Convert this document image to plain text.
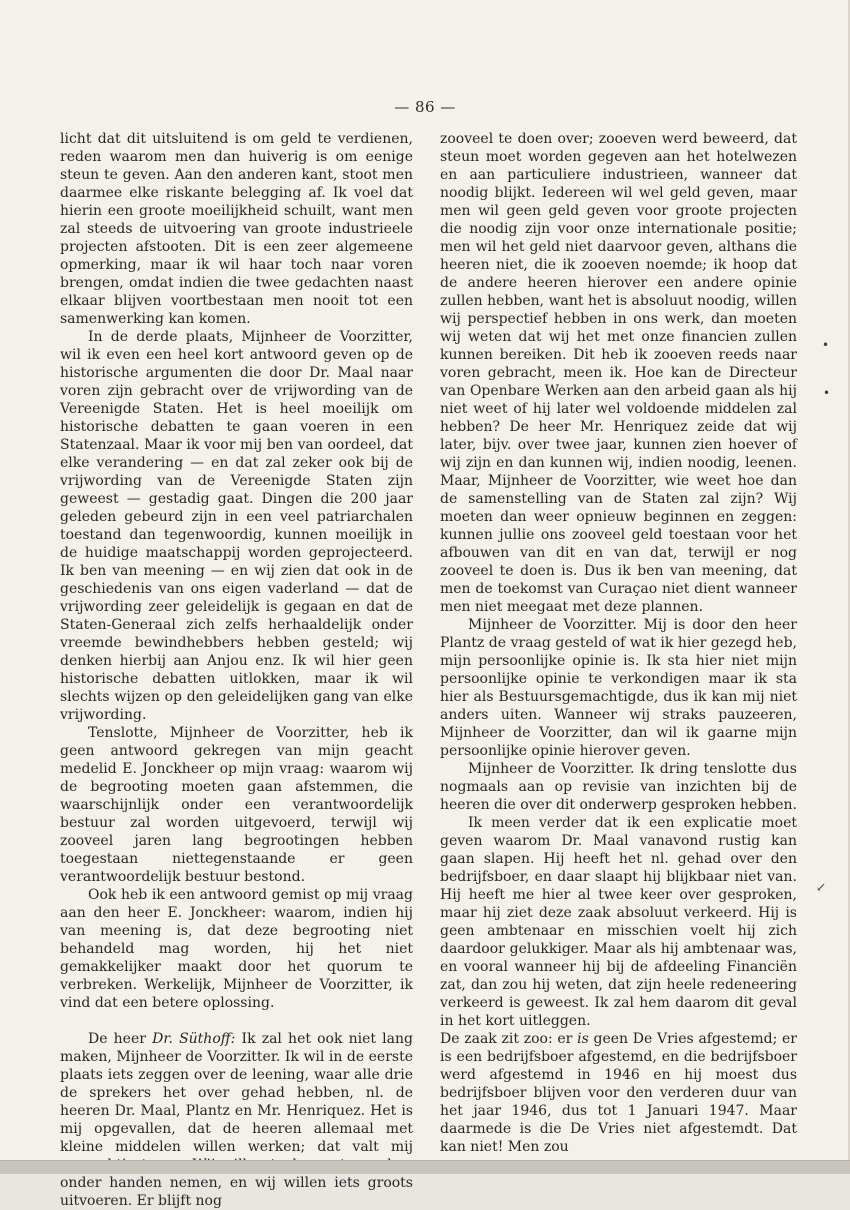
— 86 —

licht dat dit uitsluitend is om geld te verdienen, reden waarom men dan huiverig is om eenige steun te geven. Aan den anderen kant, stoot men daarmee elke riskante belegging af. Ik voel dat hierin een groote moeilijkheid schuilt, want men zal steeds de uitvoering van groote industrieele projecten afstooten. Dit is een zeer algemeene opmerking, maar ik wil haar toch naar voren brengen, omdat indien die twee gedachten naast elkaar blijven voortbestaan men nooit tot een samenwerking kan komen.

In de derde plaats, Mijnheer de Voorzitter, wil ik even een heel kort antwoord geven op de historische argumenten die door Dr. Maal naar voren zijn gebracht over de vrijwording van de Vereenigde Staten. Het is heel moeilijk om historische debatten te gaan voeren in een Statenzaal. Maar ik voor mij ben van oordeel, dat elke verandering — en dat zal zeker ook bij de vrijwording van de Vereenigde Staten zijn geweest — gestadig gaat. Dingen die 200 jaar geleden gebeurd zijn in een veel patriarchalen toestand dan tegenwoordig, kunnen moeilijk in de huidige maatschappij worden geprojecteerd. Ik ben van meening — en wij zien dat ook in de geschiedenis van ons eigen vaderland — dat de vrijwording zeer geleidelijk is gegaan en dat de Staten-Generaal zich zelfs herhaaldelijk onder vreemde bewindhebbers hebben gesteld; wij denken hierbij aan Anjou enz. Ik wil hier geen historische debatten uitlokken, maar ik wil slechts wijzen op den geleidelijken gang van elke vrijwording.

Tenslotte, Mijnheer de Voorzitter, heb ik geen antwoord gekregen van mijn geacht medelid E. Jonckheer op mijn vraag: waarom wij de begrooting moeten gaan afstemmen, die waarschijnlijk onder een verantwoordelijk bestuur zal worden uitgevoerd, terwijl wij zooveel jaren lang begrootingen hebben toegestaan niettegenstaande er geen verantwoordelijk bestuur bestond.

Ook heb ik een antwoord gemist op mij vraag aan den heer E. Jonckheer: waarom, indien hij van meening is, dat deze begrooting niet behandeld mag worden, hij het niet gemakkelijker maakt door het quorum te verbreken. Werkelijk, Mijnheer de Voorzitter, ik vind dat een betere oplossing.

De heer Dr. Süthoff: Ik zal het ook niet lang maken, Mijnheer de Voorzitter. Ik wil in de eerste plaats iets zeggen over de leening, waar alle drie de sprekers het over gehad hebben, nl. de heeren Dr. Maal, Plantz en Mr. Henriquez. Het is mij opgevallen, dat de heeren allemaal met kleine middelen willen werken; dat valt mij onder handen nemen, en wij willen iets groots uitvoeren. Er blijft nog

zooveel te doen over; zooeven werd beweerd, dat steun moet worden gegeven aan het hotelwezen en aan particuliere industrieen, wanneer dat noodig blijkt. Iedereen wil wel geld geven, maar men wil geen geld geven voor groote projecten die noodig zijn voor onze internationale positie; men wil het geld niet daarvoor geven, althans die heeren niet, die ik zooeven noemde; ik hoop dat de andere heeren hierover een andere opinie zullen hebben, want het is absoluut noodig, willen wij perspectief hebben in ons werk, dan moeten wij weten dat wij het met onze financien zullen kunnen bereiken. Dit heb ik zooeven reeds naar voren gebracht, meen ik. Hoe kan de Directeur van Openbare Werken aan den arbeid gaan als hij niet weet of hij later wel voldoende middelen zal hebben? De heer Mr. Henriquez zeide dat wij later, bijv. over twee jaar, kunnen zien hoever of wij zijn en dan kunnen wij, indien noodig, leenen. Maar, Mijnheer de Voorzitter, wie weet hoe dan de samenstelling van de Staten zal zijn? Wij moeten dan weer opnieuw beginnen en zeggen: kunnen jullie ons zooveel geld toestaan voor het afbouwen van dit en van dat, terwijl er nog zooveel te doen is. Dus ik ben van meening, dat men de toekomst van Curaçao niet dient wanneer men niet meegaat met deze plannen.

Mijnheer de Voorzitter. Mij is door den heer Plantz de vraag gesteld of wat ik hier gezegd heb, mijn persoonlijke opinie is. Ik sta hier niet mijn persoonlijke opinie te verkondigen maar ik sta hier als Bestuursgemachtigde, dus ik kan mij niet anders uiten. Wanneer wij straks pauzeeren, Mijnheer de Voorzitter, dan wil ik gaarne mijn persoonlijke opinie hierover geven.

Mijnheer de Voorzitter. Ik dring tenslotte dus nogmaals aan op revisie van inzichten bij de heeren die over dit onderwerp gesproken hebben.

Ik meen verder dat ik een explicatie moet geven waarom Dr. Maal vanavond rustig kan gaan slapen. Hij heeft het nl. gehad over den bedrijfsboer, en daar slaapt hij blijkbaar niet van. Hij heeft me hier al twee keer over gesproken, maar hij ziet deze zaak absoluut verkeerd. Hij is geen ambtenaar en misschien voelt hij zich daardoor gelukkiger. Maar als hij ambtenaar was, en vooral wanneer hij bij de afdeeling Financiën zat, dan zou hij weten, dat zijn heele redeneering verkeerd is geweest. Ik zal hem daarom dit geval in het kort uitleggen.

De zaak zit zoo: er is geen De Vries afgestemd; er is een bedrijfsboer afgestemd, en die bedrijfsboer werd afgestemd in 1946 en hij moest dus bedrijfsboer blijven voor den verderen duur van het jaar 1946, dus tot 1 Januari 1947. Maar daarmede is die De Vries niet afgestemdt. Dat kan niet! Men zou

•
•
↙
